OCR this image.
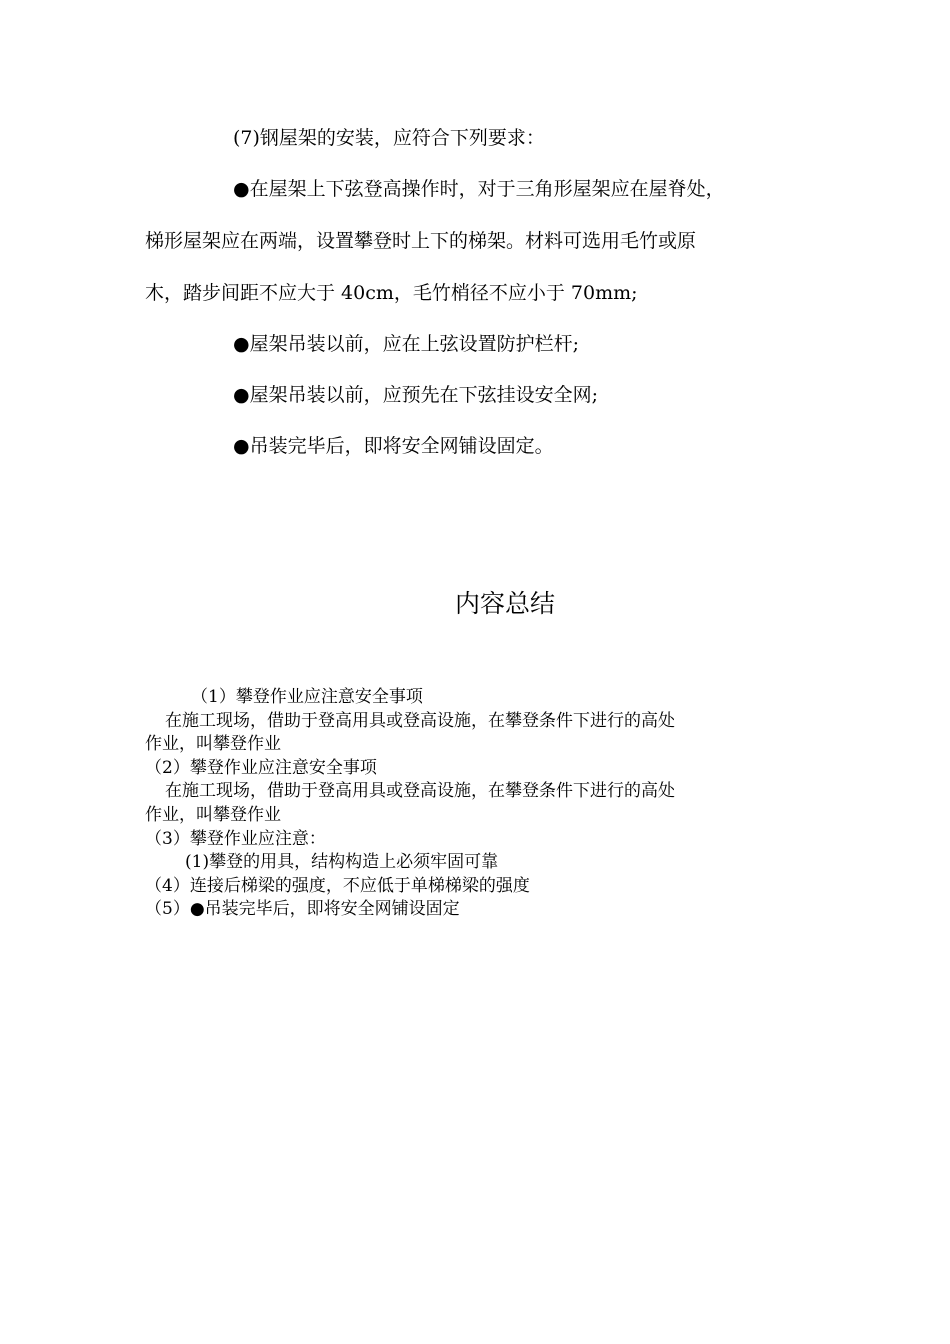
(7)钢屋架的安装，应符合下列要求：

●在屋架上下弦登高操作时，对于三角形屋架应在屋脊处，

梯形屋架应在两端，设置攀登时上下的梯架。材料可选用毛竹或原

木，踏步间距不应大于 40cm，毛竹梢径不应小于 70mm;

●屋架吊装以前，应在上弦设置防护栏杆;

●屋架吊装以前，应预先在下弦挂设安全网;

●吊装完毕后，即将安全网铺设固定。

内容总结

（1）攀登作业应注意安全事项

在施工现场，借助于登高用具或登高设施，在攀登条件下进行的高处

作业，叫攀登作业

（2）攀登作业应注意安全事项

在施工现场，借助于登高用具或登高设施，在攀登条件下进行的高处

作业，叫攀登作业

（3）攀登作业应注意：

(1)攀登的用具，结构构造上必须牢固可靠

（4）连接后梯梁的强度，不应低于单梯梯梁的强度

（5）●吊装完毕后，即将安全网铺设固定
